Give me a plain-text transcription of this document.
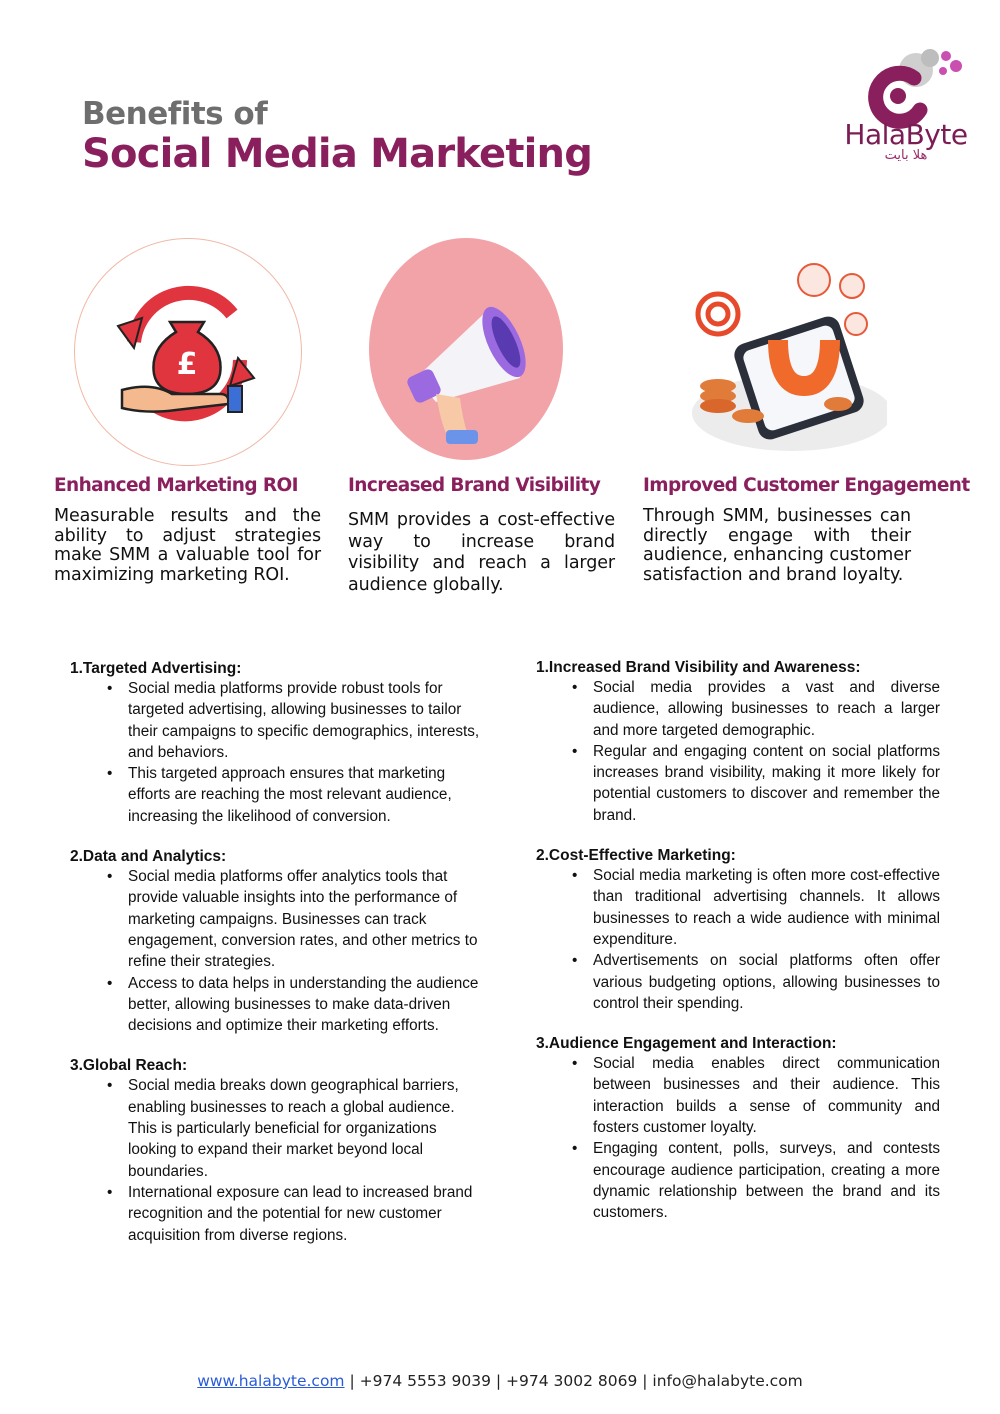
Benefits of
Social Media Marketing	HalaByte
هلا بايت
£
Enhanced Marketing ROI
Measurable results and the ability to adjust strategies make SMM a valuable tool for maximizing marketing ROI.
Increased Brand Visibility
SMM provides a cost-effective way to increase brand visibility and reach a larger audience globally.
Improved Customer Engagement
Through SMM, businesses can directly engage with their audience, enhancing customer satisfaction and brand loyalty.
1.Targeted Advertising:
• Social media platforms provide robust tools for targeted advertising, allowing businesses to tailor their campaigns to specific demographics, interests, and behaviors.
• This targeted approach ensures that marketing efforts are reaching the most relevant audience, increasing the likelihood of conversion.
2.Data and Analytics:
• Social media platforms offer analytics tools that provide valuable insights into the performance of marketing campaigns. Businesses can track engagement, conversion rates, and other metrics to refine their strategies.
• Access to data helps in understanding the audience better, allowing businesses to make data-driven decisions and optimize their marketing efforts.
3.Global Reach:
• Social media breaks down geographical barriers, enabling businesses to reach a global audience. This is particularly beneficial for organizations looking to expand their market beyond local boundaries.
• International exposure can lead to increased brand recognition and the potential for new customer acquisition from diverse regions.
1.Increased Brand Visibility and Awareness:
• Social media provides a vast and diverse audience, allowing businesses to reach a larger and more targeted demographic.
• Regular and engaging content on social platforms increases brand visibility, making it more likely for potential customers to discover and remember the brand.
2.Cost-Effective Marketing:
• Social media marketing is often more cost-effective than traditional advertising channels. It allows businesses to reach a wide audience with minimal expenditure.
• Advertisements on social platforms often offer various budgeting options, allowing businesses to control their spending.
3.Audience Engagement and Interaction:
• Social media enables direct communication between businesses and their audience. This interaction builds a sense of community and fosters customer loyalty.
• Engaging content, polls, surveys, and contests encourage audience participation, creating a more dynamic relationship between the brand and its customers.
www.halabyte.com | +974 5553 9039 | +974 3002 8069 | info@halabyte.com
